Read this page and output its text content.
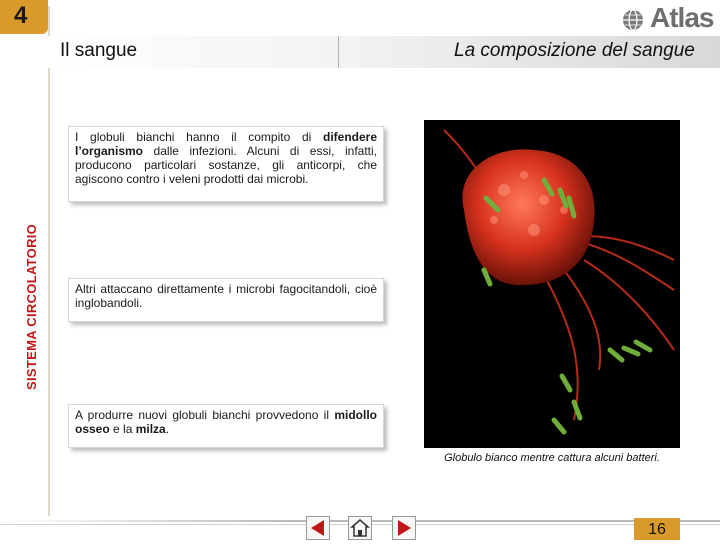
4	Atlas
Il sangue	La composizione del sangue
SISTEMA CIRCOLATORIO
I globuli bianchi hanno il compito di difendere l’organismo dalle infezioni. Alcuni di essi, infatti, producono particolari sostanze, gli anticorpi, che agiscono contro i veleni prodotti dai microbi.
Altri attaccano direttamente i microbi fagocitandoli, cioè inglobandoli.
A produrre nuovi globuli bianchi provvedono il midollo osseo e la milza.
Globulo bianco mentre cattura alcuni batteri.
16
